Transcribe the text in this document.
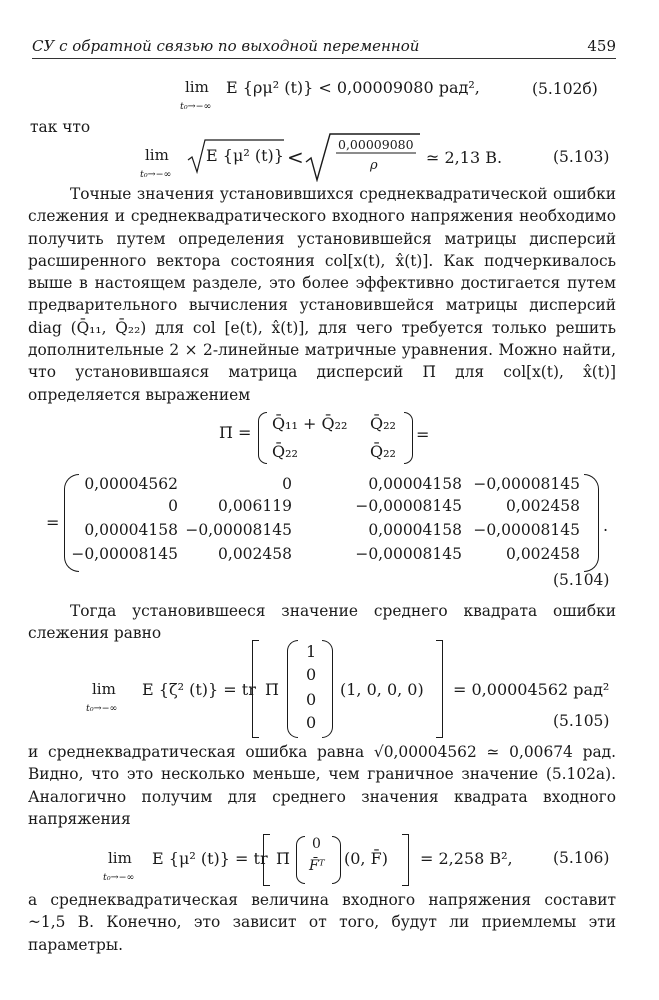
СУ с обратной связью по выходной переменной	459
lim
t₀→−∞
E {ρμ² (t)} < 0,00009080 рад²,	(5.102б)
так что
lim
t₀→−∞
E {μ² (t)} <
0,00009080
ρ	≃ 2,13 В.	(5.103)

Точные значения установившихся среднеквадратической ошибки слежения и среднеквадратического входного напряжения необходимо получить путем определения установившейся матрицы дисперсий расширенного вектора состояния col[x(t), x̂(t)]. Как подчеркивалось выше в настоящем разделе, это более эффективно достигается путем предварительного вычисления установившейся матрицы дисперсий diag (Q̄₁₁, Q̄₂₂) для col [e(t), x̂(t)], для чего требуется только решить дополнительные 2 × 2-линейные матричные уравнения. Можно найти, что установившаяся матрица дисперсий Π̄ для col[x(t), x̂(t)] определяется выражением

Π̄ = Q̄₁₁ + Q̄₂₂ Q̄₂₂
Q̄₂₂	Q̄₂₂
=
=	.
0,00004562	0	0,00004158 −0,00008145
0	0,006119	−0,00008145	0,002458
0,00004158 −0,00008145	0,00004158 −0,00008145
−0,00008145	0,002458	−0,00008145	0,002458
(5.104)

Тогда установившееся значение среднего квадрата ошибки слежения равно

lim
t₀→−∞
E {ζ² (t)} = tr Π̄
1
0
0
0
(1, 0, 0, 0) = 0,00004562 рад²
(5.105)

и среднеквадратическая ошибка равна √0,00004562 ≃ 0,00674 рад. Видно, что это несколько меньше, чем граничное значение (5.102а). Аналогично получим для среднего значения квадрата входного напряжения

lim
t₀→−∞
E {μ² (t)} = tr Π̄
0
F̄ᵀ (0, F̄) = 2,258 В²,	(5.106)

а среднеквадратическая величина входного напряжения составит ~1,5 В. Конечно, это зависит от того, будут ли приемлемы эти параметры.
